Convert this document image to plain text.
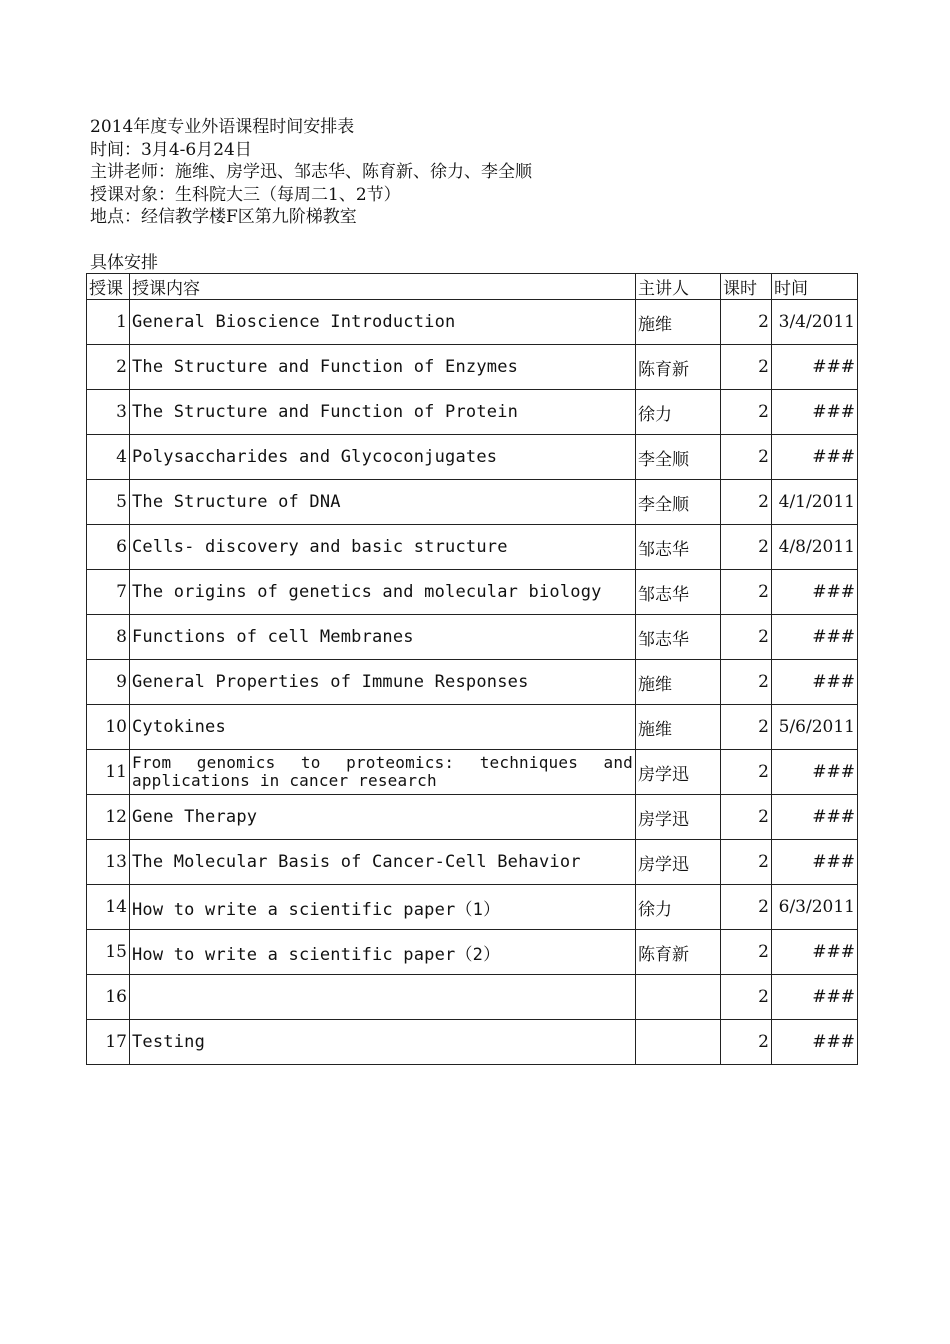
2014年度专业外语课程时间安排表
时间：3月4-6月24日
主讲老师：施维、房学迅、邹志华、陈育新、徐力、李全顺
授课对象：生科院大三（每周二1、2节）
地点：经信教学楼F区第九阶梯教室
具体安排
授课	授课内容	主讲人	课时	时间
1	General Bioscience Introduction	施维	2	3/4/2011
2	The Structure and Function of Enzymes	陈育新	2	###
3	The Structure and Function of Protein	徐力	2	###
4	Polysaccharides and Glycoconjugates	李全顺	2	###
5	The Structure of DNA	李全顺	2	4/1/2011
6	Cells- discovery and basic structure	邹志华	2	4/8/2011
7	The origins of genetics and molecular biology	邹志华	2	###
8	Functions of cell Membranes	邹志华	2	###
9	General Properties of Immune Responses	施维	2	###
10	Cytokines	施维	2	5/6/2011
11	From genomics to proteomics: techniques and applications in cancer research	房学迅	2	###
12	Gene Therapy	房学迅	2	###
13	The Molecular Basis of Cancer-Cell Behavior	房学迅	2	###
14	How to write a scientific paper（1）	徐力	2	6/3/2011
15	How to write a scientific paper（2）	陈育新	2	###
16			2	###
17	Testing		2	###
